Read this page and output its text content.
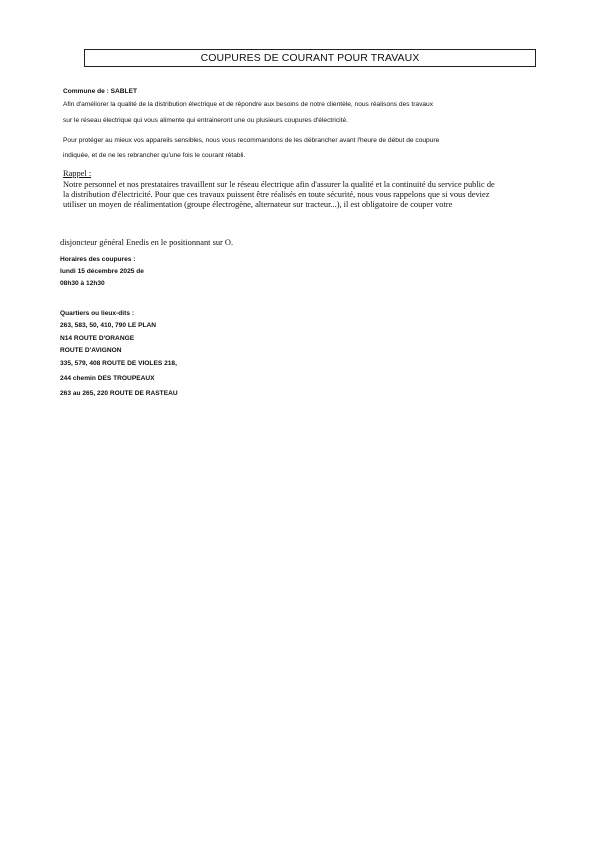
COUPURES DE COURANT POUR TRAVAUX
Commune de : SABLET
Afin d'améliorer la qualité de la distribution électrique et de répondre aux besoins de notre clientèle, nous réalisons des travaux
sur le réseau électrique qui vous alimente qui entraineront une ou plusieurs coupures d'électricité.
Pour protéger au mieux vos appareils sensibles, nous vous recommandons de les débrancher avant l'heure de début de coupure
indiquée, et de ne les rebrancher qu'une fois le courant rétabli.
Rappel :
Notre personnel et nos prestataires travaillent sur le réseau électrique afin d'assurer la qualité et la continuité du service public de
la distribution d'électricité. Pour que ces travaux puissent être réalisés en toute sécurité, nous vous rappelons que si vous deviez
utiliser un moyen de réalimentation (groupe électrogène, alternateur sur tracteur...), il est obligatoire de couper votre
disjoncteur général Enedis en le positionnant sur O.
Horaires des coupures :
lundi 15 décembre 2025 de
08h30 à 12h30
Quartiers ou lieux-dits :
263, 583, 50, 410, 790 LE PLAN
N14 ROUTE D'ORANGE
ROUTE D'AVIGNON
335, 579, 408 ROUTE DE VIOLES 218,
244 chemin DES TROUPEAUX
263 au 265, 220 ROUTE DE RASTEAU
